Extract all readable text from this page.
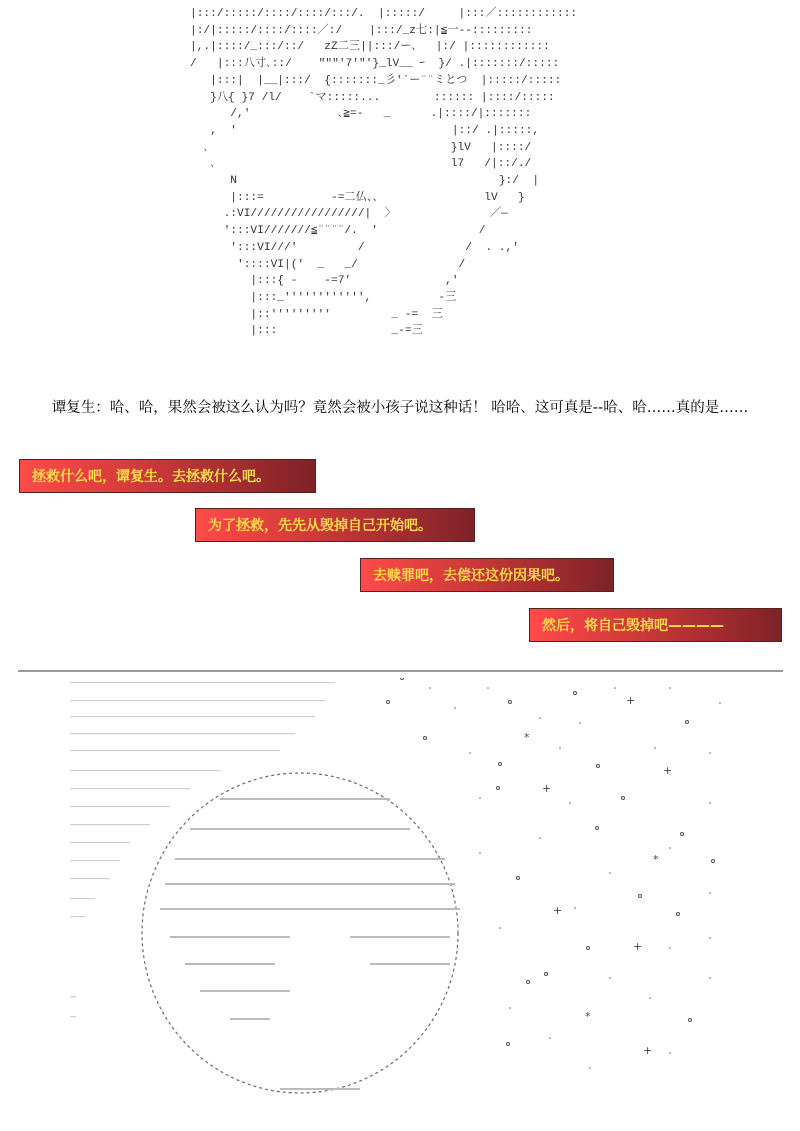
|:::/:::::/::::/::::/:::/.  |:::::/     |:::／::::::::::::
|:/|:::::/::::/::::／:/    |:::/_z七:|≦一--:::::::::
|,.|::::/_:::/::/   zZ二三||:::/ー、  |:/ |::::::::::::
/   |:::八寸､::/    """'7'"'}_lV__ ｰ  }/ .|:::::::/:::::
|:::|  |__|:::/  {:::::::_彡'`ー¨¨ミとつ  |:::::/:::::
}八{ }7 /l/    `マ:::::...        :::::: |::::/:::::
/,'             ､≧=-   _      .|::::/|:::::::
,  '                                |::/ .|:::::,
､                                    }lV   |::::/
､                                   l7   /|::/./
N                                       }:/  |
|:::=          -=二仏、、               lV   }
.:VI/////////////////|  〉              ／—
':::VI///////≦¨¨¨¨/.  '               /
':::VI///'         /               /  . .,'
'::::VI|('  _   _/               /
|:::{ -    -=7'              ,'
|:::_'''''''''''',          -三
|::'''''''''         _ -=  三
|:::                 _-=三
谭复生：哈、哈，果然会被这么认为吗？竟然会被小孩子说这种话！ 哈哈、这可真是--哈、哈……真的是……
拯救什么吧，谭复生。去拯救什么吧。
为了拯救，先先从毁掉自己开始吧。
去赎罪吧，去偿还这份因果吧。
然后，将自己毁掉吧————
+
*
+
+
*
+
+
*
+
